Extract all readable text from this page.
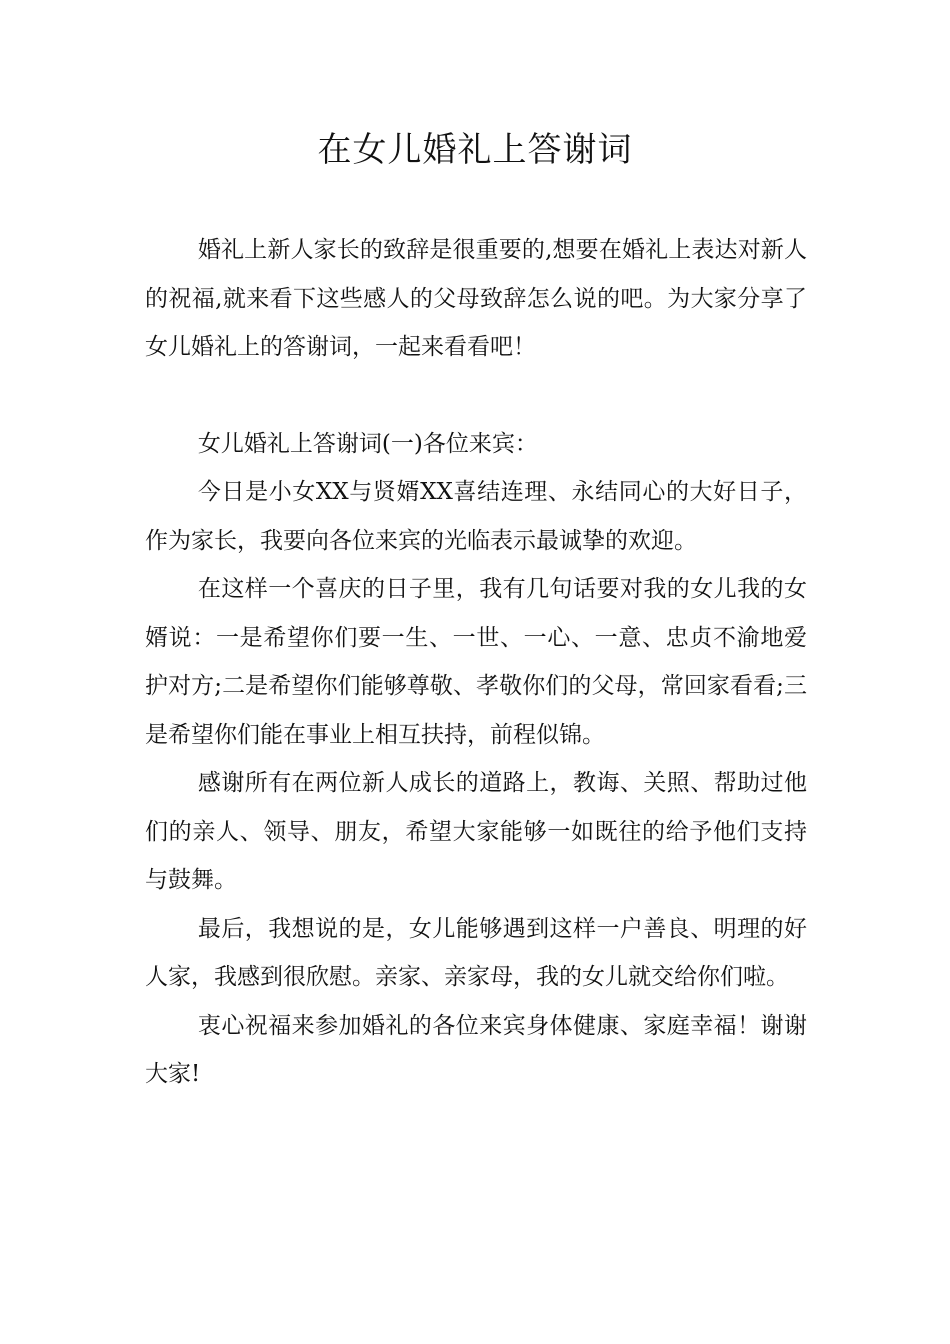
在女儿婚礼上答谢词

婚礼上新人家长的致辞是很重要的,想要在婚礼上表达对新人的祝福,就来看下这些感人的父母致辞怎么说的吧。为大家分享了女儿婚礼上的答谢词，一起来看看吧！

女儿婚礼上答谢词(一)各位来宾：

今日是小女XX与贤婿XX喜结连理、永结同心的大好日子，作为家长，我要向各位来宾的光临表示最诚挚的欢迎。

在这样一个喜庆的日子里，我有几句话要对我的女儿我的女婿说：一是希望你们要一生、一世、一心、一意、忠贞不渝地爱护对方;二是希望你们能够尊敬、孝敬你们的父母，常回家看看;三是希望你们能在事业上相互扶持，前程似锦。

感谢所有在两位新人成长的道路上，教诲、关照、帮助过他们的亲人、领导、朋友，希望大家能够一如既往的给予他们支持与鼓舞。

最后，我想说的是，女儿能够遇到这样一户善良、明理的好人家，我感到很欣慰。亲家、亲家母，我的女儿就交给你们啦。

衷心祝福来参加婚礼的各位来宾身体健康、家庭幸福！谢谢大家!
